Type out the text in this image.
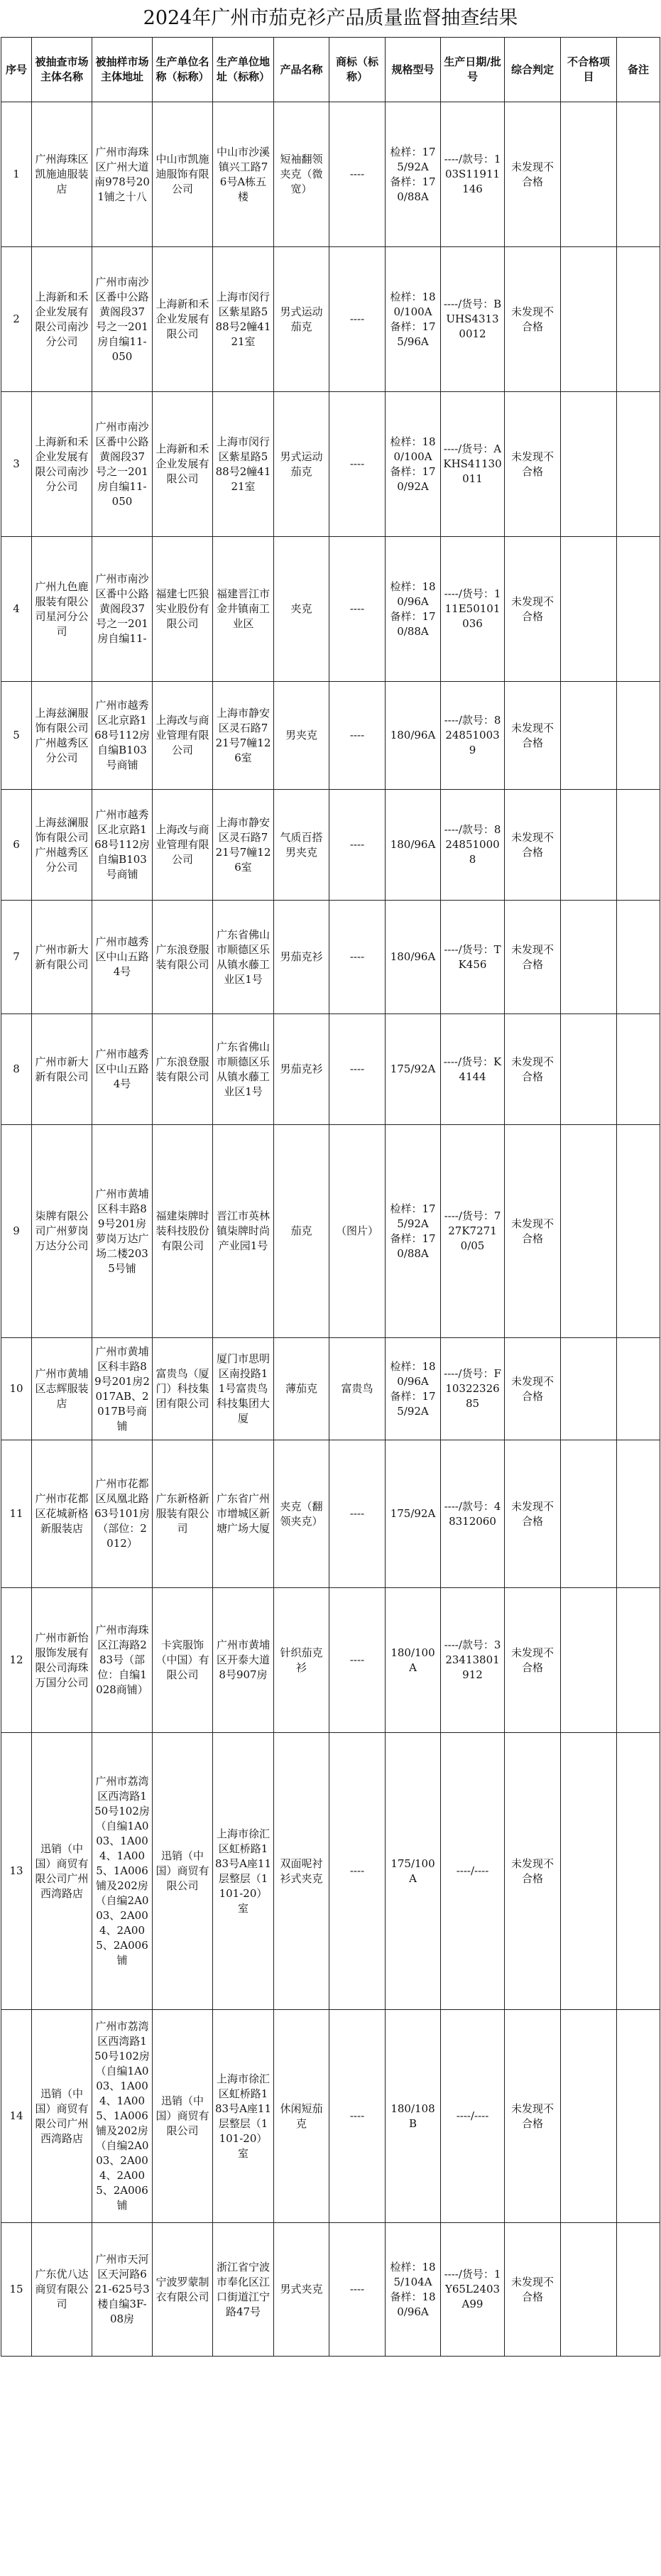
2024年广州市茄克衫产品质量监督抽查结果
序号	被抽查市场主体名称	被抽样市场主体地址	生产单位名称（标称）	生产单位地址（标称）	产品名称	商标（标称）	规格型号	生产日期/批号	综合判定	不合格项目	备注
1	广州海珠区凯施迪服装店	广州市海珠区广州大道南978号201铺之十八	中山市凯施迪服饰有限公司	中山市沙溪镇兴工路76号A栋五楼	短袖翻领夹克（微宽）	----	检样：175/92A　备样：170/88A	----/款号：103S11911146	未发现不合格		
2	上海新和禾企业发展有限公司南沙分公司	广州市南沙区番中公路黄阁段37号之一201房自编11-050	上海新和禾企业发展有限公司	上海市闵行区紫星路588号2幢4121室	男式运动茄克	----	检样：180/100A　备样：175/96A	----/货号：BUHS43130012	未发现不合格		
3	上海新和禾企业发展有限公司南沙分公司	广州市南沙区番中公路黄阁段37号之一201房自编11-050	上海新和禾企业发展有限公司	上海市闵行区紫星路588号2幢4121室	男式运动茄克	----	检样：180/100A　备样：170/92A	----/货号：AKHS41130011	未发现不合格		
4	广州九色鹿服装有限公司星河分公司	广州市南沙区番中公路黄阁段37号之一201房自编11-	福建七匹狼实业股份有限公司	福建晋江市金井镇南工业区	夹克	----	检样：180/96A　备样：170/88A	----/货号：111E50101036	未发现不合格		
5	上海兹澜服饰有限公司广州越秀区分公司	广州市越秀区北京路168号112房自编B103号商铺	上海改与商业管理有限公司	上海市静安区灵石路721号7幢126室	男夹克	----	180/96A	----/款号：8248510039	未发现不合格		
6	上海兹澜服饰有限公司广州越秀区分公司	广州市越秀区北京路168号112房自编B103号商铺	上海改与商业管理有限公司	上海市静安区灵石路721号7幢126室	气质百搭男夹克	----	180/96A	----/款号：8248510008	未发现不合格		
7	广州市新大新有限公司	广州市越秀区中山五路4号	广东浪登服装有限公司	广东省佛山市顺德区乐从镇水藤工业区1号	男茄克衫	----	180/96A	----/货号：TK456	未发现不合格		
8	广州市新大新有限公司	广州市越秀区中山五路4号	广东浪登服装有限公司	广东省佛山市顺德区乐从镇水藤工业区1号	男茄克衫	----	175/92A	----/货号：K4144	未发现不合格		
9	柒牌有限公司广州萝岗万达分公司	广州市黄埔区科丰路89号201房萝岗万达广场二楼2035号铺	福建柒牌时装科技股份有限公司	晋江市英林镇柒牌时尚产业园1号	茄克	（图片）	检样：175/92A　备样：170/88A	----/货号：727K72710/05	未发现不合格		
10	广州市黄埔区志辉服装店	广州市黄埔区科丰路89号201房2017AB、2017B号商铺	富贵鸟（厦门）科技集团有限公司	厦门市思明区南投路11号富贵鸟科技集团大厦	薄茄克	富贵鸟	检样：180/96A　备样：175/92A	----/货号：F1032232685	未发现不合格		
11	广州市花都区花城新格新服装店	广州市花都区凤凰北路63号101房（部位：2012）	广东新格新服装有限公司	广东省广州市增城区新塘广场大厦	夹克（翻领夹克）	----	175/92A	----/款号：48312060	未发现不合格		
12	广州市新怡服饰发展有限公司海珠万国分公司	广州市海珠区江海路283号（部位：自编1028商铺）	卡宾服饰（中国）有限公司	广州市黄埔区开泰大道8号907房	针织茄克衫	----	180/100A	----/款号：323413801912	未发现不合格		
13	迅销（中国）商贸有限公司广州西湾路店	广州市荔湾区西湾路150号102房（自编1A003、1A004、1A005、1A006铺及202房（自编2A003、2A004、2A005、2A006铺	迅销（中国）商贸有限公司	上海市徐汇区虹桥路183号A座11层整层（1101-20）室	双面呢衬衫式夹克	----	175/100A	----/----	未发现不合格		
14	迅销（中国）商贸有限公司广州西湾路店	广州市荔湾区西湾路150号102房（自编1A003、1A004、1A005、1A006铺及202房（自编2A003、2A004、2A005、2A006铺	迅销（中国）商贸有限公司	上海市徐汇区虹桥路183号A座11层整层（1101-20）室	休闲短茄克	----	180/108B	----/----	未发现不合格		
15	广东优八达商贸有限公司	广州市天河区天河路621-625号3楼自编3F-08房	宁波罗蒙制衣有限公司	浙江省宁波市奉化区江口街道江宁路47号	男式夹克	----	检样：185/104A　备样：180/96A	----/货号：1Y65L2403A99	未发现不合格		
